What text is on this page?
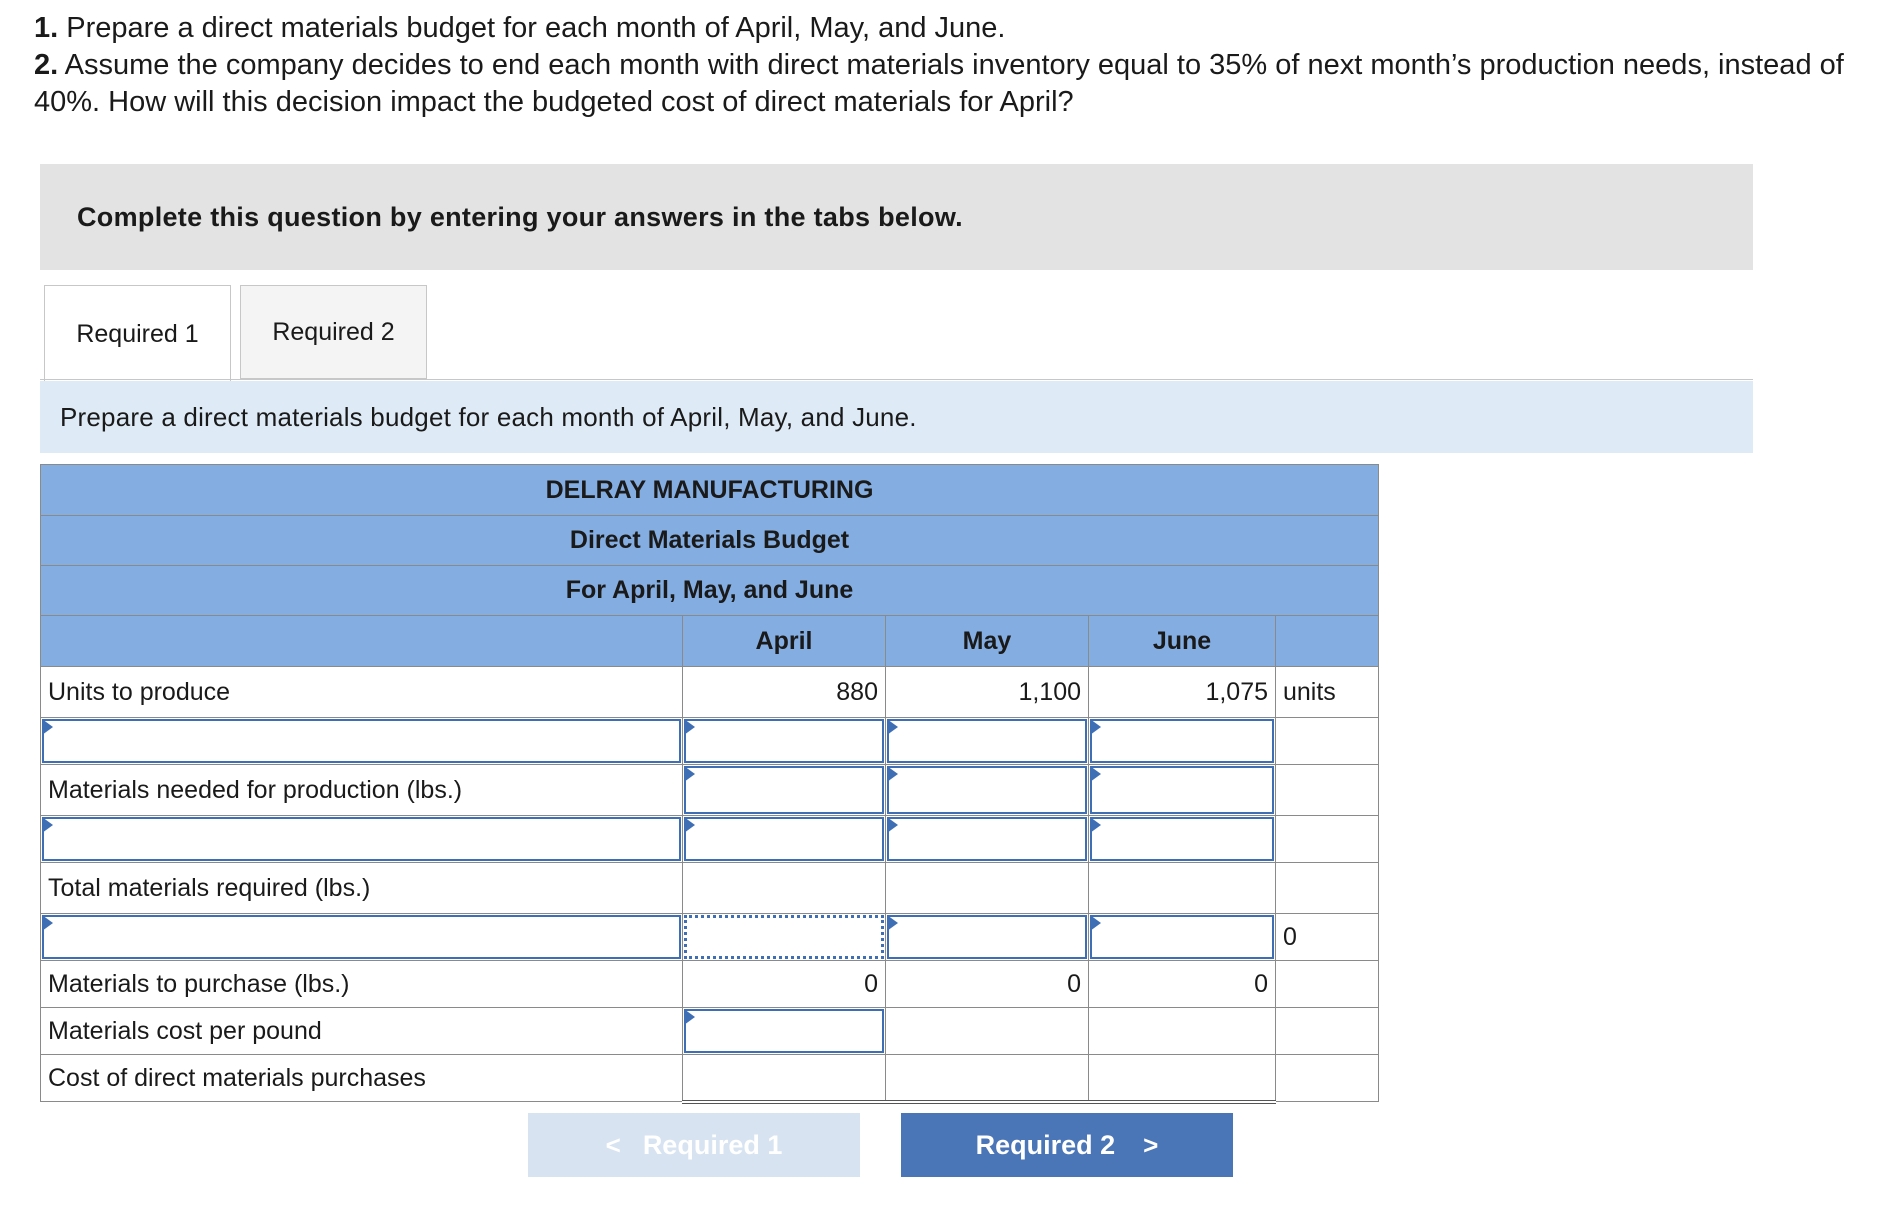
1. Prepare a direct materials budget for each month of April, May, and June.

2. Assume the company decides to end each month with direct materials inventory equal to 35% of next month’s production needs, instead of 40%. How will this decision impact the budgeted cost of direct materials for April?

Complete this question by entering your answers in the tabs below.
Required 1	Required 2
Prepare a direct materials budget for each month of April, May, and June.
DELRAY MANUFACTURING				
Direct Materials Budget				
For April, May, and June				
	April	May	June	
Units to produce	880	1,100	1,075	units

Materials needed for production (lbs.)				

Total materials required (lbs.)				
				0
Materials to purchase (lbs.)	0	0	0	
Materials cost per pound				
Cost of direct materials purchases				
< Required 1	Required 2 >
